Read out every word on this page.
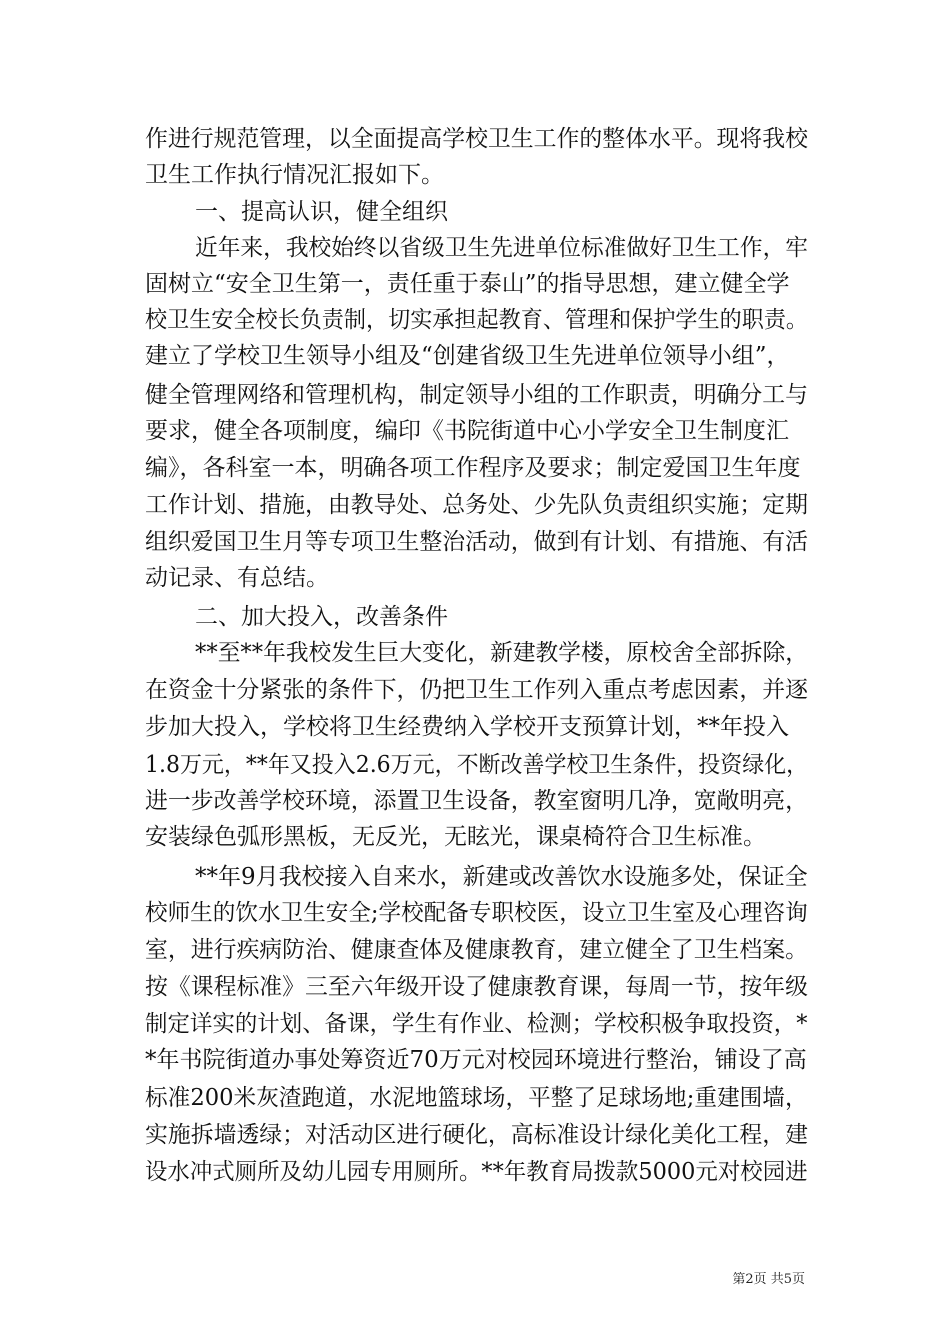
作进行规范管理，以全面提高学校卫生工作的整体水平。现将我校
卫生工作执行情况汇报如下。
一、提高认识，健全组织
近年来，我校始终以省级卫生先进单位标准做好卫生工作，牢
固树立“安全卫生第一，责任重于泰山”的指导思想，建立健全学
校卫生安全校长负责制，切实承担起教育、管理和保护学生的职责。
建立了学校卫生领导小组及“创建省级卫生先进单位领导小组”，
健全管理网络和管理机构，制定领导小组的工作职责，明确分工与
要求，健全各项制度，编印《书院街道中心小学安全卫生制度汇
编》，各科室一本，明确各项工作程序及要求；制定爱国卫生年度
工作计划、措施，由教导处、总务处、少先队负责组织实施；定期
组织爱国卫生月等专项卫生整治活动，做到有计划、有措施、有活
动记录、有总结。
二、加大投入，改善条件
**至**年我校发生巨大变化，新建教学楼，原校舍全部拆除，
在资金十分紧张的条件下，仍把卫生工作列入重点考虑因素，并逐
步加大投入，学校将卫生经费纳入学校开支预算计划，**年投入
1.8万元，**年又投入2.6万元，不断改善学校卫生条件，投资绿化，
进一步改善学校环境，添置卫生设备，教室窗明几净，宽敞明亮，
安装绿色弧形黑板，无反光，无眩光，课桌椅符合卫生标准。
**年9月我校接入自来水，新建或改善饮水设施多处，保证全
校师生的饮水卫生安全;学校配备专职校医，设立卫生室及心理咨询
室，进行疾病防治、健康查体及健康教育，建立健全了卫生档案。
按《课程标准》三至六年级开设了健康教育课，每周一节，按年级
制定详实的计划、备课，学生有作业、检测；学校积极争取投资，*
*年书院街道办事处筹资近70万元对校园环境进行整治，铺设了高
标准200米灰渣跑道，水泥地篮球场，平整了足球场地;重建围墙，
实施拆墙透绿；对活动区进行硬化，高标准设计绿化美化工程，建
设水冲式厕所及幼儿园专用厕所。**年教育局拨款5000元对校园进
第2页 共5页
